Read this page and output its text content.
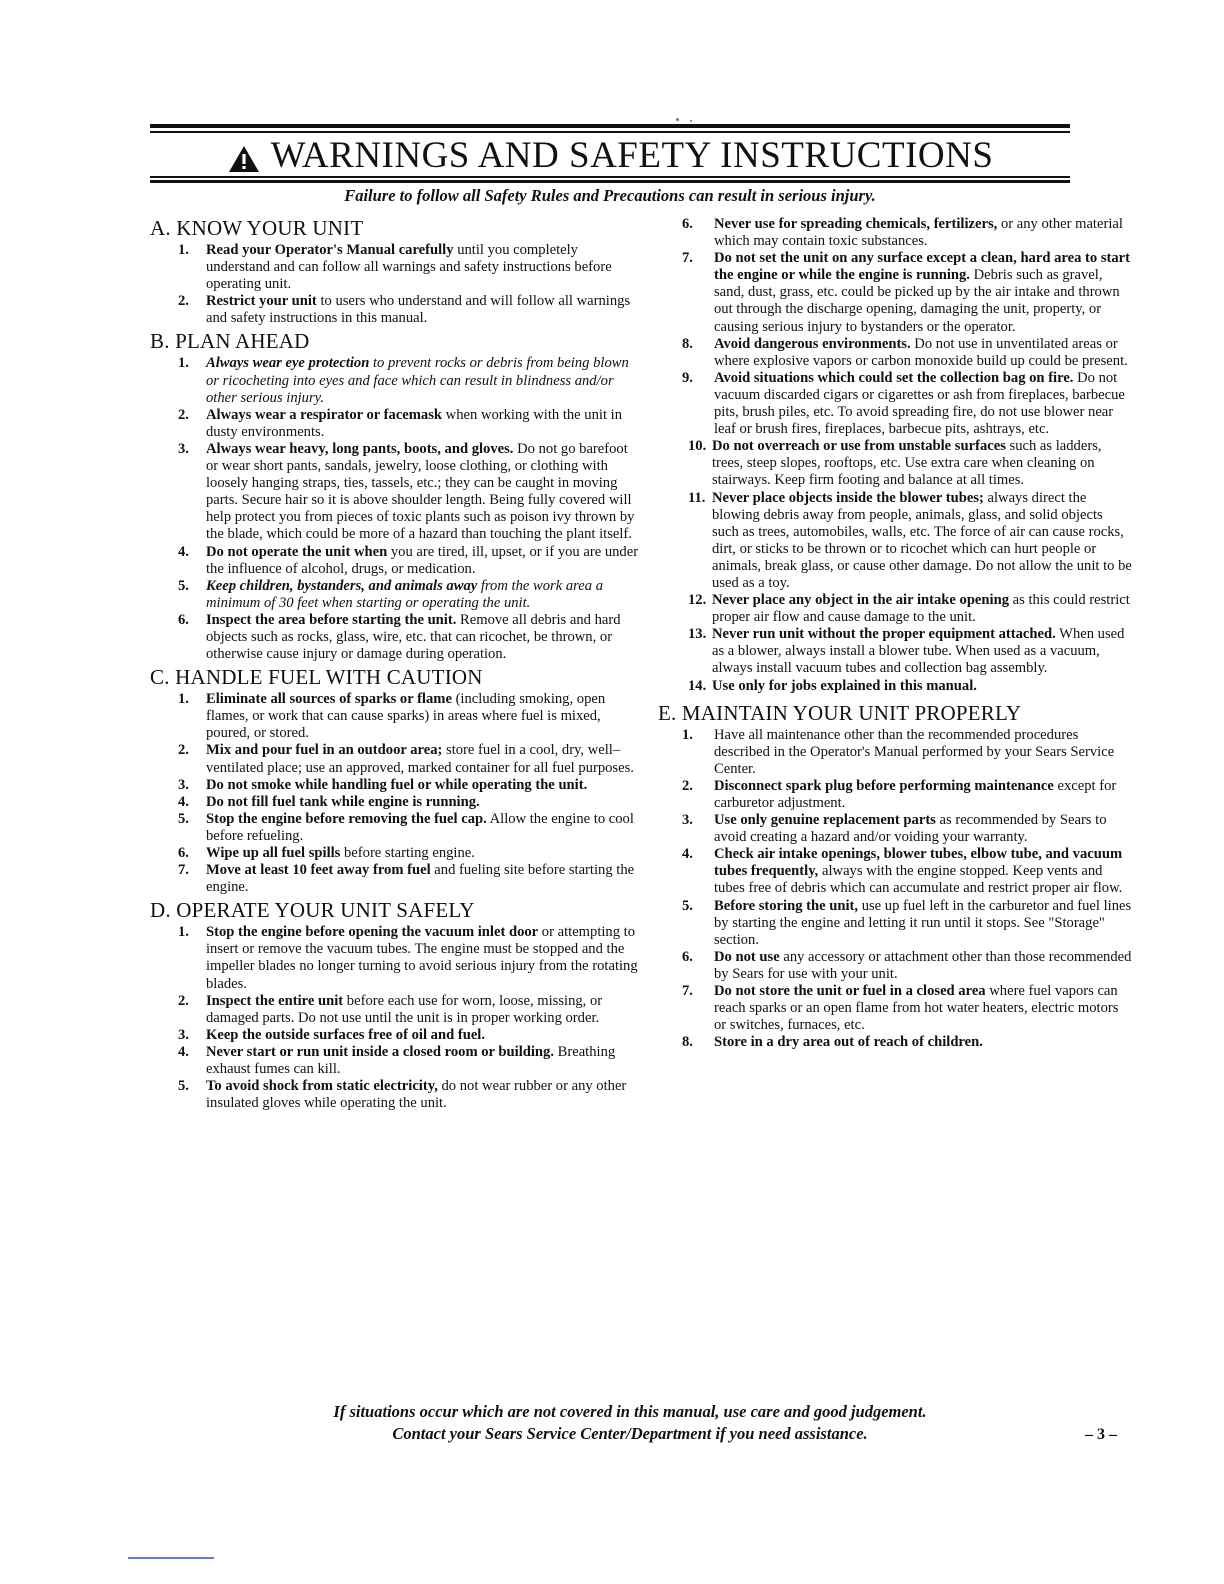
WARNINGS AND SAFETY INSTRUCTIONS
Failure to follow all Safety Rules and Precautions can result in serious injury.
A. KNOW YOUR UNIT
1. Read your Operator's Manual carefully until you completely understand and can follow all warnings and safety instructions before operating unit.
2. Restrict your unit to users who understand and will follow all warnings and safety instructions in this manual.
B. PLAN AHEAD
1. Always wear eye protection to prevent rocks or debris from being blown or ricocheting into eyes and face which can result in blindness and/or other serious injury.
2. Always wear a respirator or facemask when working with the unit in dusty environments.
3. Always wear heavy, long pants, boots, and gloves. Do not go barefoot or wear short pants, sandals, jewelry, loose clothing, or clothing with loosely hanging straps, ties, tassels, etc.; they can be caught in moving parts. Secure hair so it is above shoulder length. Being fully covered will help protect you from pieces of toxic plants such as poison ivy thrown by the blade, which could be more of a hazard than touching the plant itself.
4. Do not operate the unit when you are tired, ill, upset, or if you are under the influence of alcohol, drugs, or medication.
5. Keep children, bystanders, and animals away from the work area a minimum of 30 feet when starting or operating the unit.
6. Inspect the area before starting the unit. Remove all debris and hard objects such as rocks, glass, wire, etc. that can ricochet, be thrown, or otherwise cause injury or damage during operation.
C. HANDLE FUEL WITH CAUTION
1. Eliminate all sources of sparks or flame (including smoking, open flames, or work that can cause sparks) in areas where fuel is mixed, poured, or stored.
2. Mix and pour fuel in an outdoor area; store fuel in a cool, dry, well–ventilated place; use an approved, marked container for all fuel purposes.
3. Do not smoke while handling fuel or while operating the unit.
4. Do not fill fuel tank while engine is running.
5. Stop the engine before removing the fuel cap. Allow the engine to cool before refueling.
6. Wipe up all fuel spills before starting engine.
7. Move at least 10 feet away from fuel and fueling site before starting the engine.
D. OPERATE YOUR UNIT SAFELY
1. Stop the engine before opening the vacuum inlet door or attempting to insert or remove the vacuum tubes. The engine must be stopped and the impeller blades no longer turning to avoid serious injury from the rotating blades.
2. Inspect the entire unit before each use for worn, loose, missing, or damaged parts. Do not use until the unit is in proper working order.
3. Keep the outside surfaces free of oil and fuel.
4. Never start or run unit inside a closed room or building. Breathing exhaust fumes can kill.
5. To avoid shock from static electricity, do not wear rubber or any other insulated gloves while operating the unit.
6. Never use for spreading chemicals, fertilizers, or any other material which may contain toxic substances.
7. Do not set the unit on any surface except a clean, hard area to start the engine or while the engine is running. Debris such as gravel, sand, dust, grass, etc. could be picked up by the air intake and thrown out through the discharge opening, damaging the unit, property, or causing serious injury to bystanders or the operator.
8. Avoid dangerous environments. Do not use in unventilated areas or where explosive vapors or carbon monoxide build up could be present.
9. Avoid situations which could set the collection bag on fire. Do not vacuum discarded cigars or cigarettes or ash from fireplaces, barbecue pits, brush piles, etc. To avoid spreading fire, do not use blower near leaf or brush fires, fireplaces, barbecue pits, ashtrays, etc.
10. Do not overreach or use from unstable surfaces such as ladders, trees, steep slopes, rooftops, etc. Use extra care when cleaning on stairways. Keep firm footing and balance at all times.
11. Never place objects inside the blower tubes; always direct the blowing debris away from people, animals, glass, and solid objects such as trees, automobiles, walls, etc. The force of air can cause rocks, dirt, or sticks to be thrown or to ricochet which can hurt people or animals, break glass, or cause other damage. Do not allow the unit to be used as a toy.
12. Never place any object in the air intake opening as this could restrict proper air flow and cause damage to the unit.
13. Never run unit without the proper equipment attached. When used as a blower, always install a blower tube. When used as a vacuum, always install vacuum tubes and collection bag assembly.
14. Use only for jobs explained in this manual.
E. MAINTAIN YOUR UNIT PROPERLY
1. Have all maintenance other than the recommended procedures described in the Operator's Manual performed by your Sears Service Center.
2. Disconnect spark plug before performing maintenance except for carburetor adjustment.
3. Use only genuine replacement parts as recommended by Sears to avoid creating a hazard and/or voiding your warranty.
4. Check air intake openings, blower tubes, elbow tube, and vacuum tubes frequently, always with the engine stopped. Keep vents and tubes free of debris which can accumulate and restrict proper air flow.
5. Before storing the unit, use up fuel left in the carburetor and fuel lines by starting the engine and letting it run until it stops. See "Storage" section.
6. Do not use any accessory or attachment other than those recommended by Sears for use with your unit.
7. Do not store the unit or fuel in a closed area where fuel vapors can reach sparks or an open flame from hot water heaters, electric motors or switches, furnaces, etc.
8. Store in a dry area out of reach of children.
If situations occur which are not covered in this manual, use care and good judgement.
Contact your Sears Service Center/Department if you need assistance.	– 3 –
